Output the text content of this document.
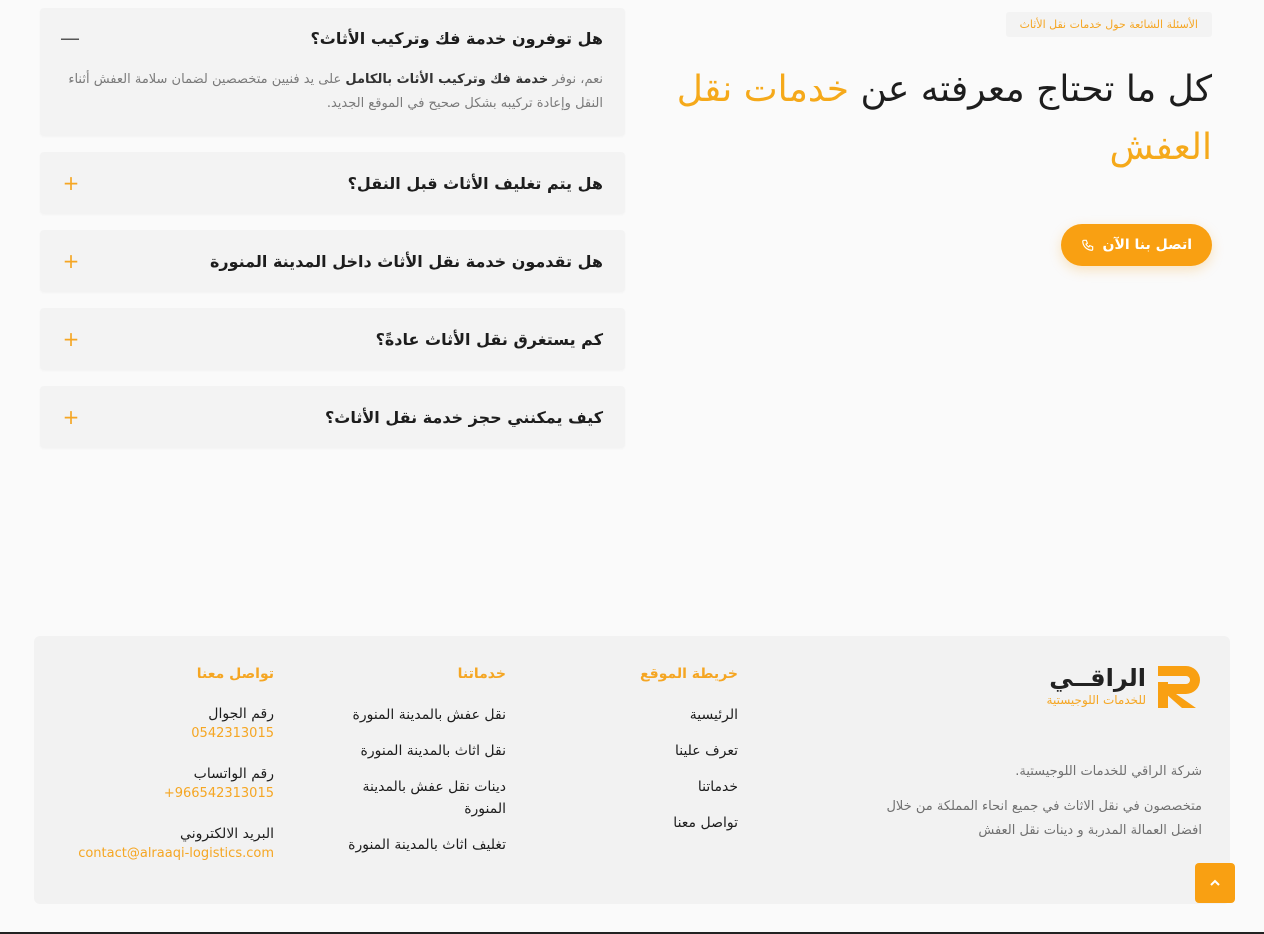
الأسئلة الشائعة حول خدمات نقل الأثاث
كل ما تحتاج معرفته عن خدمات نقل العفش
اتصل بنا الآن
هل توفرون خدمة فك وتركيب الأثاث؟
—
نعم، نوفر خدمة فك وتركيب الأثاث بالكامل على يد فنيين متخصصين لضمان سلامة العفش أثناء النقل وإعادة تركيبه بشكل صحيح في الموقع الجديد.
هل يتم تغليف الأثاث قبل النقل؟
+
هل تقدمون خدمة نقل الأثاث داخل المدينة المنورة
+
كم يستغرق نقل الأثاث عادةً؟
+
كيف يمكنني حجز خدمة نقل الأثاث؟
+
الراقــي
للخدمات اللوجيستية

شركة الراقي للخدمات اللوجيستية.

متخصصون في نقل الاثاث في جميع انحاء المملكة من خلال افضل العمالة المدربة و دينات نقل العفش

خريطة الموقع
الرئيسية
تعرف علينا
خدماتنا
تواصل معنا
خدماتنا
نقل عفش بالمدينة المنورة
نقل اثاث بالمدينة المنورة
دينات نقل عفش بالمدينة المنورة
تغليف اثاث بالمدينة المنورة
تواصل معنا
رقم الجوال
0542313015
رقم الواتساب
+966542313015
البريد الالكتروني
contact@alraaqi-logistics.com
